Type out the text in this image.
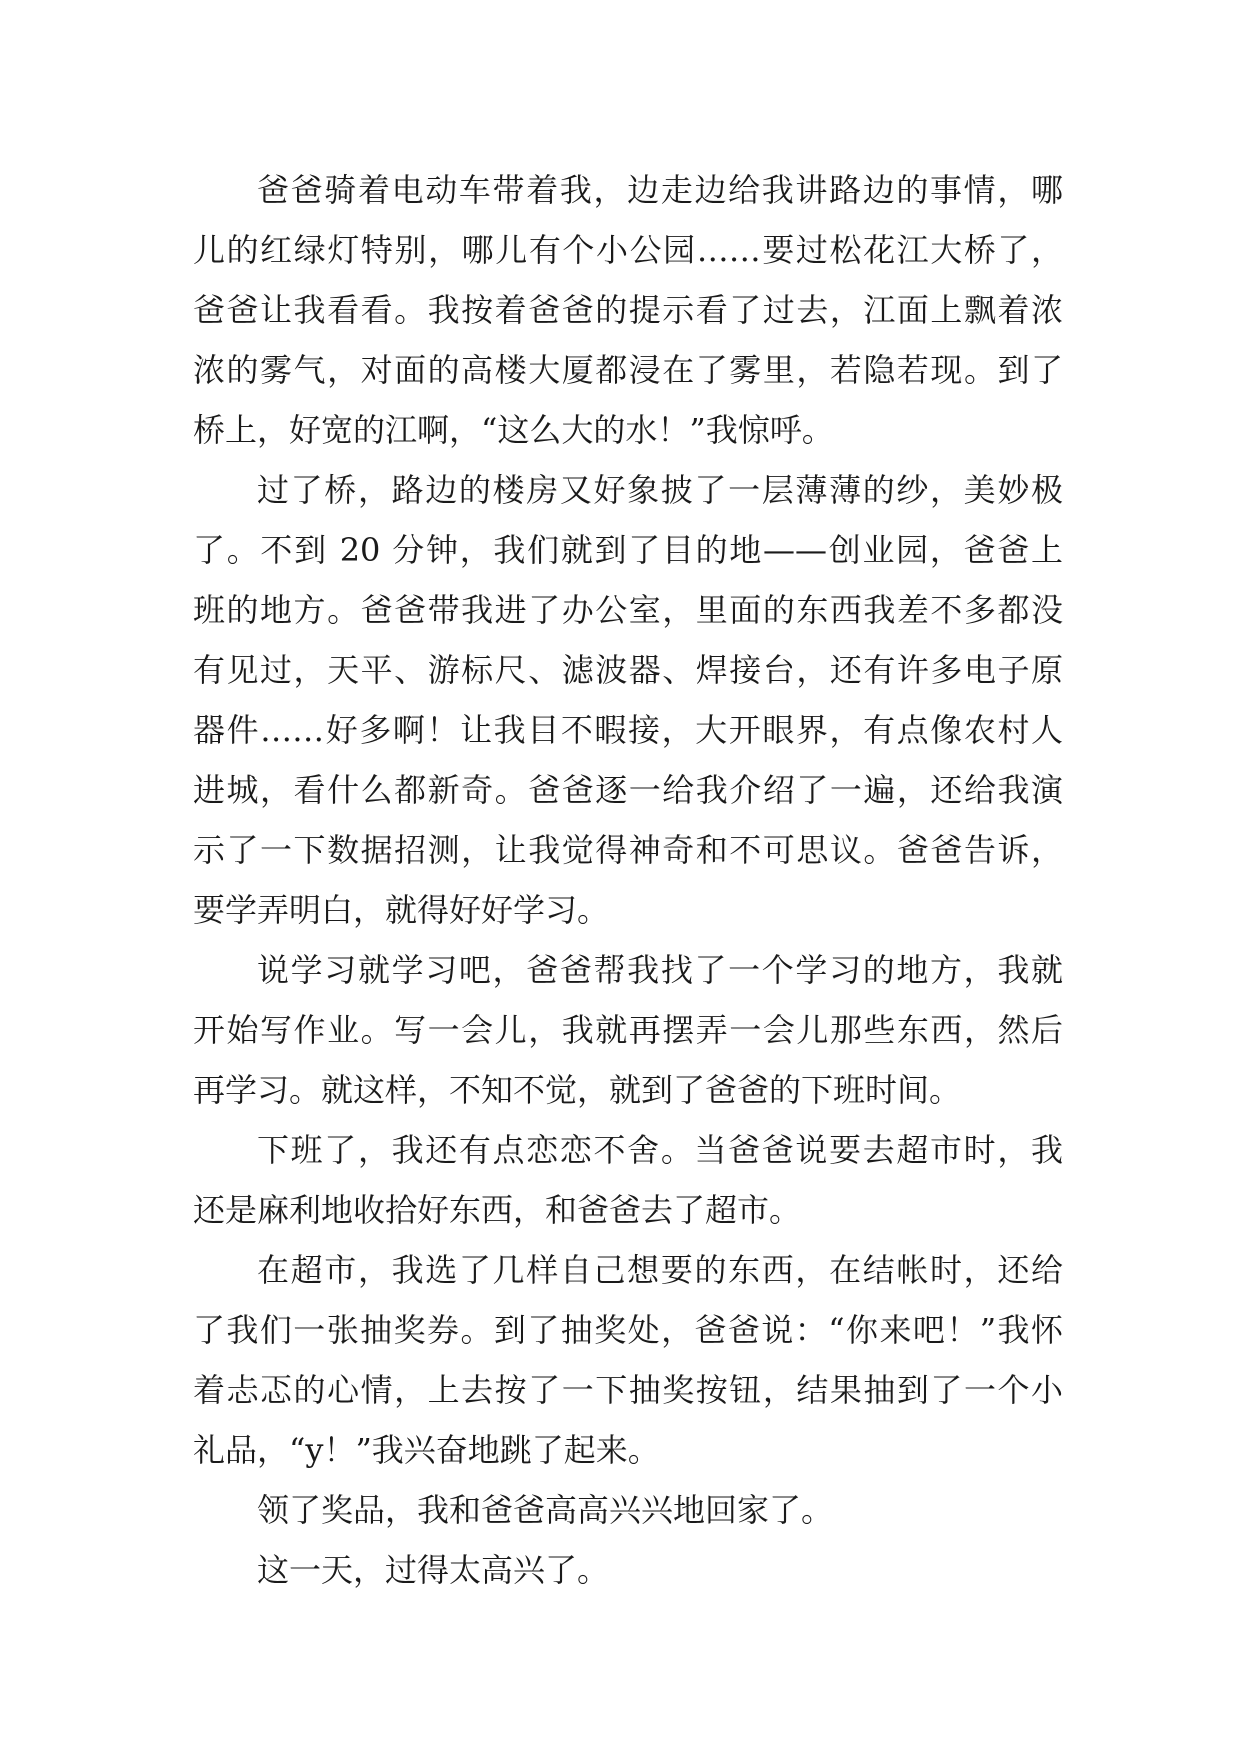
爸爸骑着电动车带着我，边走边给我讲路边的事情，哪
儿的红绿灯特别，哪儿有个小公园……要过松花江大桥了，
爸爸让我看看。我按着爸爸的提示看了过去，江面上飘着浓
浓的雾气，对面的高楼大厦都浸在了雾里，若隐若现。到了
桥上，好宽的江啊，“这么大的水！”我惊呼。
过了桥，路边的楼房又好象披了一层薄薄的纱，美妙极
了。不到 20 分钟，我们就到了目的地——创业园，爸爸上
班的地方。爸爸带我进了办公室，里面的东西我差不多都没
有见过，天平、游标尺、滤波器、焊接台，还有许多电子原
器件……好多啊！让我目不暇接，大开眼界，有点像农村人
进城，看什么都新奇。爸爸逐一给我介绍了一遍，还给我演
示了一下数据招测，让我觉得神奇和不可思议。爸爸告诉，
要学弄明白，就得好好学习。
说学习就学习吧，爸爸帮我找了一个学习的地方，我就
开始写作业。写一会儿，我就再摆弄一会儿那些东西，然后
再学习。就这样，不知不觉，就到了爸爸的下班时间。
下班了，我还有点恋恋不舍。当爸爸说要去超市时，我
还是麻利地收拾好东西，和爸爸去了超市。
在超市，我选了几样自己想要的东西，在结帐时，还给
了我们一张抽奖券。到了抽奖处，爸爸说：“你来吧！”我怀
着忐忑的心情，上去按了一下抽奖按钮，结果抽到了一个小
礼品，“y！”我兴奋地跳了起来。
领了奖品，我和爸爸高高兴兴地回家了。
这一天，过得太高兴了。
